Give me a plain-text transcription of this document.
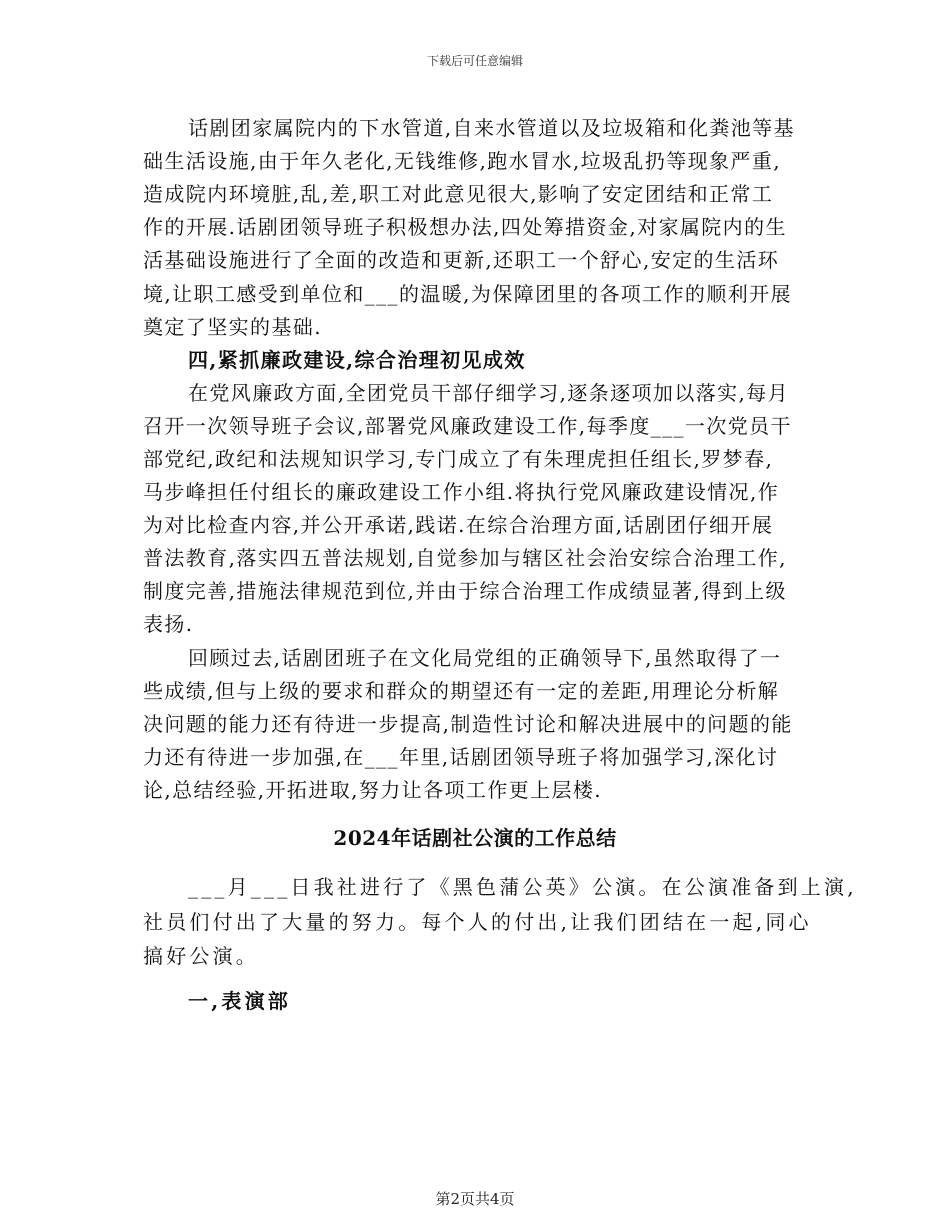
下载后可任意编辑
话剧团家属院内的下水管道,自来水管道以及垃圾箱和化粪池等基
础生活设施,由于年久老化,无钱维修,跑水冒水,垃圾乱扔等现象严重,
造成院内环境脏,乱,差,职工对此意见很大,影响了安定团结和正常工
作的开展.话剧团领导班子积极想办法,四处筹措资金,对家属院内的生
活基础设施进行了全面的改造和更新,还职工一个舒心,安定的生活环
境,让职工感受到单位和___的温暖,为保障团里的各项工作的顺利开展
奠定了坚实的基础.
四,紧抓廉政建设,综合治理初见成效
在党风廉政方面,全团党员干部仔细学习,逐条逐项加以落实,每月
召开一次领导班子会议,部署党风廉政建设工作,每季度___一次党员干
部党纪,政纪和法规知识学习,专门成立了有朱理虎担任组长,罗梦春,
马步峰担任付组长的廉政建设工作小组.将执行党风廉政建设情况,作
为对比检查内容,并公开承诺,践诺.在综合治理方面,话剧团仔细开展
普法教育,落实四五普法规划,自觉参加与辖区社会治安综合治理工作,
制度完善,措施法律规范到位,并由于综合治理工作成绩显著,得到上级
表扬.
回顾过去,话剧团班子在文化局党组的正确领导下,虽然取得了一
些成绩,但与上级的要求和群众的期望还有一定的差距,用理论分析解
决问题的能力还有待进一步提高,制造性讨论和解决进展中的问题的能
力还有待进一步加强,在___年里,话剧团领导班子将加强学习,深化讨
论,总结经验,开拓进取,努力让各项工作更上层楼.
2024年话剧社公演的工作总结
___月___日我社进行了《黑色蒲公英》公演。在公演准备到上演,
社员们付出了大量的努力。每个人的付出,让我们团结在一起,同心
搞好公演。
一,表演部
第2页共4页
